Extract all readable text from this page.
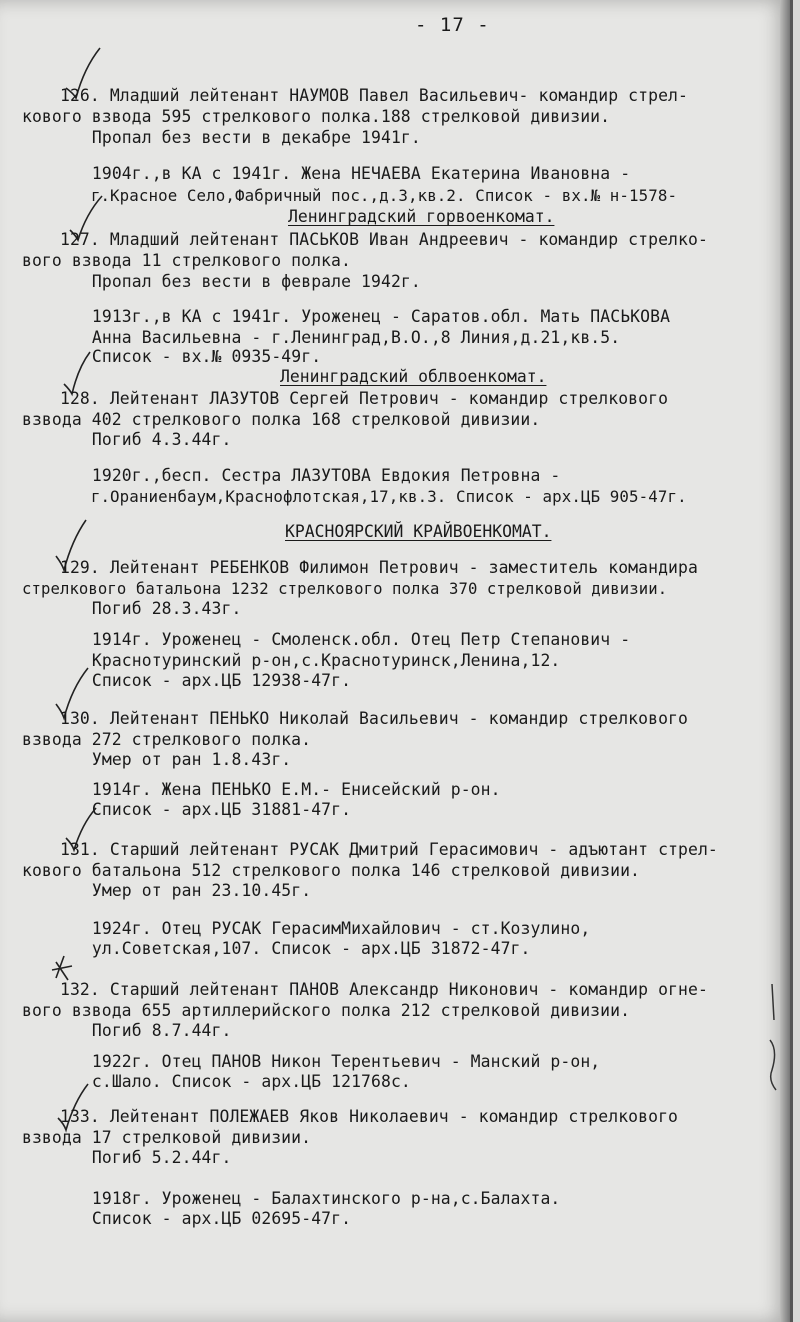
- 17 -
126. Младший лейтенант НАУМОВ Павел Васильевич- командир стрел-
кового взвода 595 стрелкового полка.188 стрелковой дивизии.
Пропал без вести в декабре 1941г.
1904г.,в КА с 1941г. Жена НЕЧАЕВА Екатерина Ивановна -
г.Красное Село,Фабричный пос.,д.3,кв.2. Список - вх.№ н-1578-
Ленинградский горвоенкомат.
127. Младший лейтенант ПАСЬКОВ Иван Андреевич - командир стрелко-
вого взвода 11 стрелкового полка.
Пропал без вести в феврале 1942г.
1913г.,в КА с 1941г. Уроженец - Саратов.обл. Мать ПАСЬКОВА
Анна Васильевна - г.Ленинград,В.О.,8 Линия,д.21,кв.5.
Список - вх.№ 0935-49г.
Ленинградский облвоенкомат.
128. Лейтенант ЛАЗУТОВ Сергей Петрович - командир стрелкового
взвода 402 стрелкового полка 168 стрелковой дивизии.
Погиб 4.3.44г.
1920г.,бесп. Сестра ЛАЗУТОВА Евдокия Петровна -
г.Ораниенбаум,Краснофлотская,17,кв.3. Список - арх.ЦБ 905-47г.
КРАСНОЯРСКИЙ КРАЙВОЕНКОМАТ.
129. Лейтенант РЕБЕНКОВ Филимон Петрович - заместитель командира
стрелкового батальона 1232 стрелкового полка 370 стрелковой дивизии.
Погиб 28.3.43г.
1914г. Уроженец - Смоленск.обл. Отец Петр Степанович -
Краснотуринский р-он,с.Краснотуринск,Ленина,12.
Список - арх.ЦБ 12938-47г.
130. Лейтенант ПЕНЬКО Николай Васильевич - командир стрелкового
взвода 272 стрелкового полка.
Умер от ран 1.8.43г.
1914г. Жена ПЕНЬКО Е.М.- Енисейский р-он.
Список - арх.ЦБ 31881-47г.
131. Старший лейтенант РУСАК Дмитрий Герасимович - адъютант стрел-
кового батальона 512 стрелкового полка 146 стрелковой дивизии.
Умер от ран 23.10.45г.
1924г. Отец РУСАК ГерасимМихайлович - ст.Козулино,
ул.Советская,107. Список - арх.ЦБ 31872-47г.
132. Старший лейтенант ПАНОВ Александр Никонович - командир огне-
вого взвода 655 артиллерийского полка 212 стрелковой дивизии.
Погиб 8.7.44г.
1922г. Отец ПАНОВ Никон Терентьевич - Манский р-он,
с.Шало. Список - арх.ЦБ 121768с.
133. Лейтенант ПОЛЕЖАЕВ Яков Николаевич - командир стрелкового
взвода 17 стрелковой дивизии.
Погиб 5.2.44г.
1918г. Уроженец - Балахтинского р-на,с.Балахта.
Список - арх.ЦБ 02695-47г.
